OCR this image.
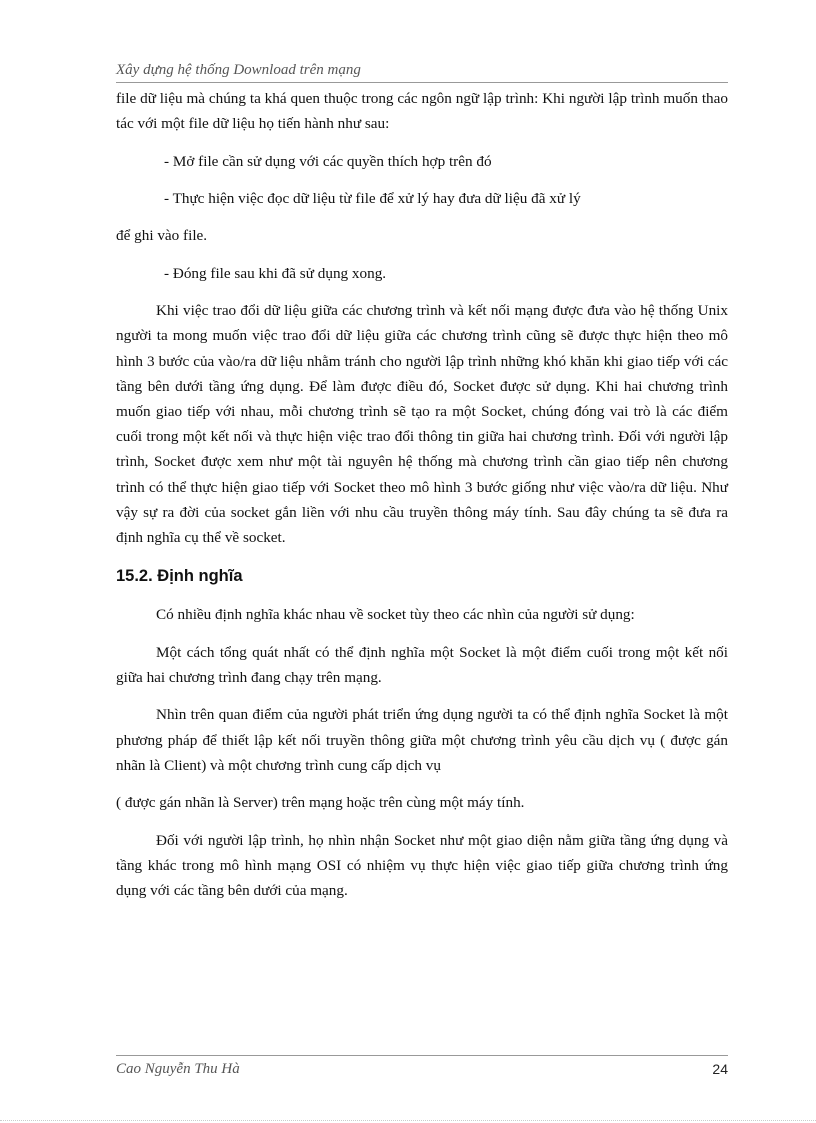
Xây dựng hệ thống Download trên mạng

file dữ liệu mà chúng ta khá quen thuộc trong các ngôn ngữ lập trình: Khi người lập trình muốn thao tác với một file dữ liệu họ tiến hành như sau:

- Mở file cần sử dụng với các quyền thích hợp trên đó

- Thực hiện việc đọc dữ liệu từ file để xử lý hay đưa dữ liệu đã xử lý

để ghi vào file.

- Đóng file sau khi đã sử dụng xong.

Khi việc trao đổi dữ liệu giữa các chương trình và kết nối mạng được đưa vào hệ thống Unix người ta mong muốn việc trao đổi dữ liệu giữa các chương trình cũng sẽ được thực hiện theo mô hình 3 bước của vào/ra dữ liệu nhằm tránh cho người lập trình những khó khăn khi giao tiếp với các tầng bên dưới tầng ứng dụng. Để làm được điều đó, Socket được sử dụng. Khi hai chương trình muốn giao tiếp với nhau, mỗi chương trình sẽ tạo ra một Socket, chúng đóng vai trò là các điểm cuối trong một kết nối và thực hiện việc trao đổi thông tin giữa hai chương trình. Đối với người lập trình, Socket được xem như một tài nguyên hệ thống mà chương trình cần giao tiếp nên chương trình có thể thực hiện giao tiếp với Socket theo mô hình 3 bước giống như việc vào/ra dữ liệu. Như vậy sự ra đời của socket gắn liền với nhu cầu truyền thông máy tính. Sau đây chúng ta sẽ đưa ra định nghĩa cụ thể về socket.

15.2. Định nghĩa

Có nhiều định nghĩa khác nhau về socket tùy theo các nhìn của người sử dụng:

Một cách tổng quát nhất có thể định nghĩa một Socket là một điểm cuối trong một kết nối giữa hai chương trình đang chạy trên mạng.

Nhìn trên quan điểm của người phát triển ứng dụng người ta có thể định nghĩa Socket là một phương pháp để thiết lập kết nối truyền thông giữa một chương trình yêu cầu dịch vụ ( được gán nhãn là Client) và một chương trình cung cấp dịch vụ

( được gán nhãn là Server) trên mạng hoặc trên cùng một máy tính.

Đối với người lập trình, họ nhìn nhận Socket như một giao diện nằm giữa tầng ứng dụng và tầng khác trong mô hình mạng OSI có nhiệm vụ thực hiện việc giao tiếp giữa chương trình ứng dụng với các tầng bên dưới của mạng.

Cao Nguyễn Thu Hà	24
